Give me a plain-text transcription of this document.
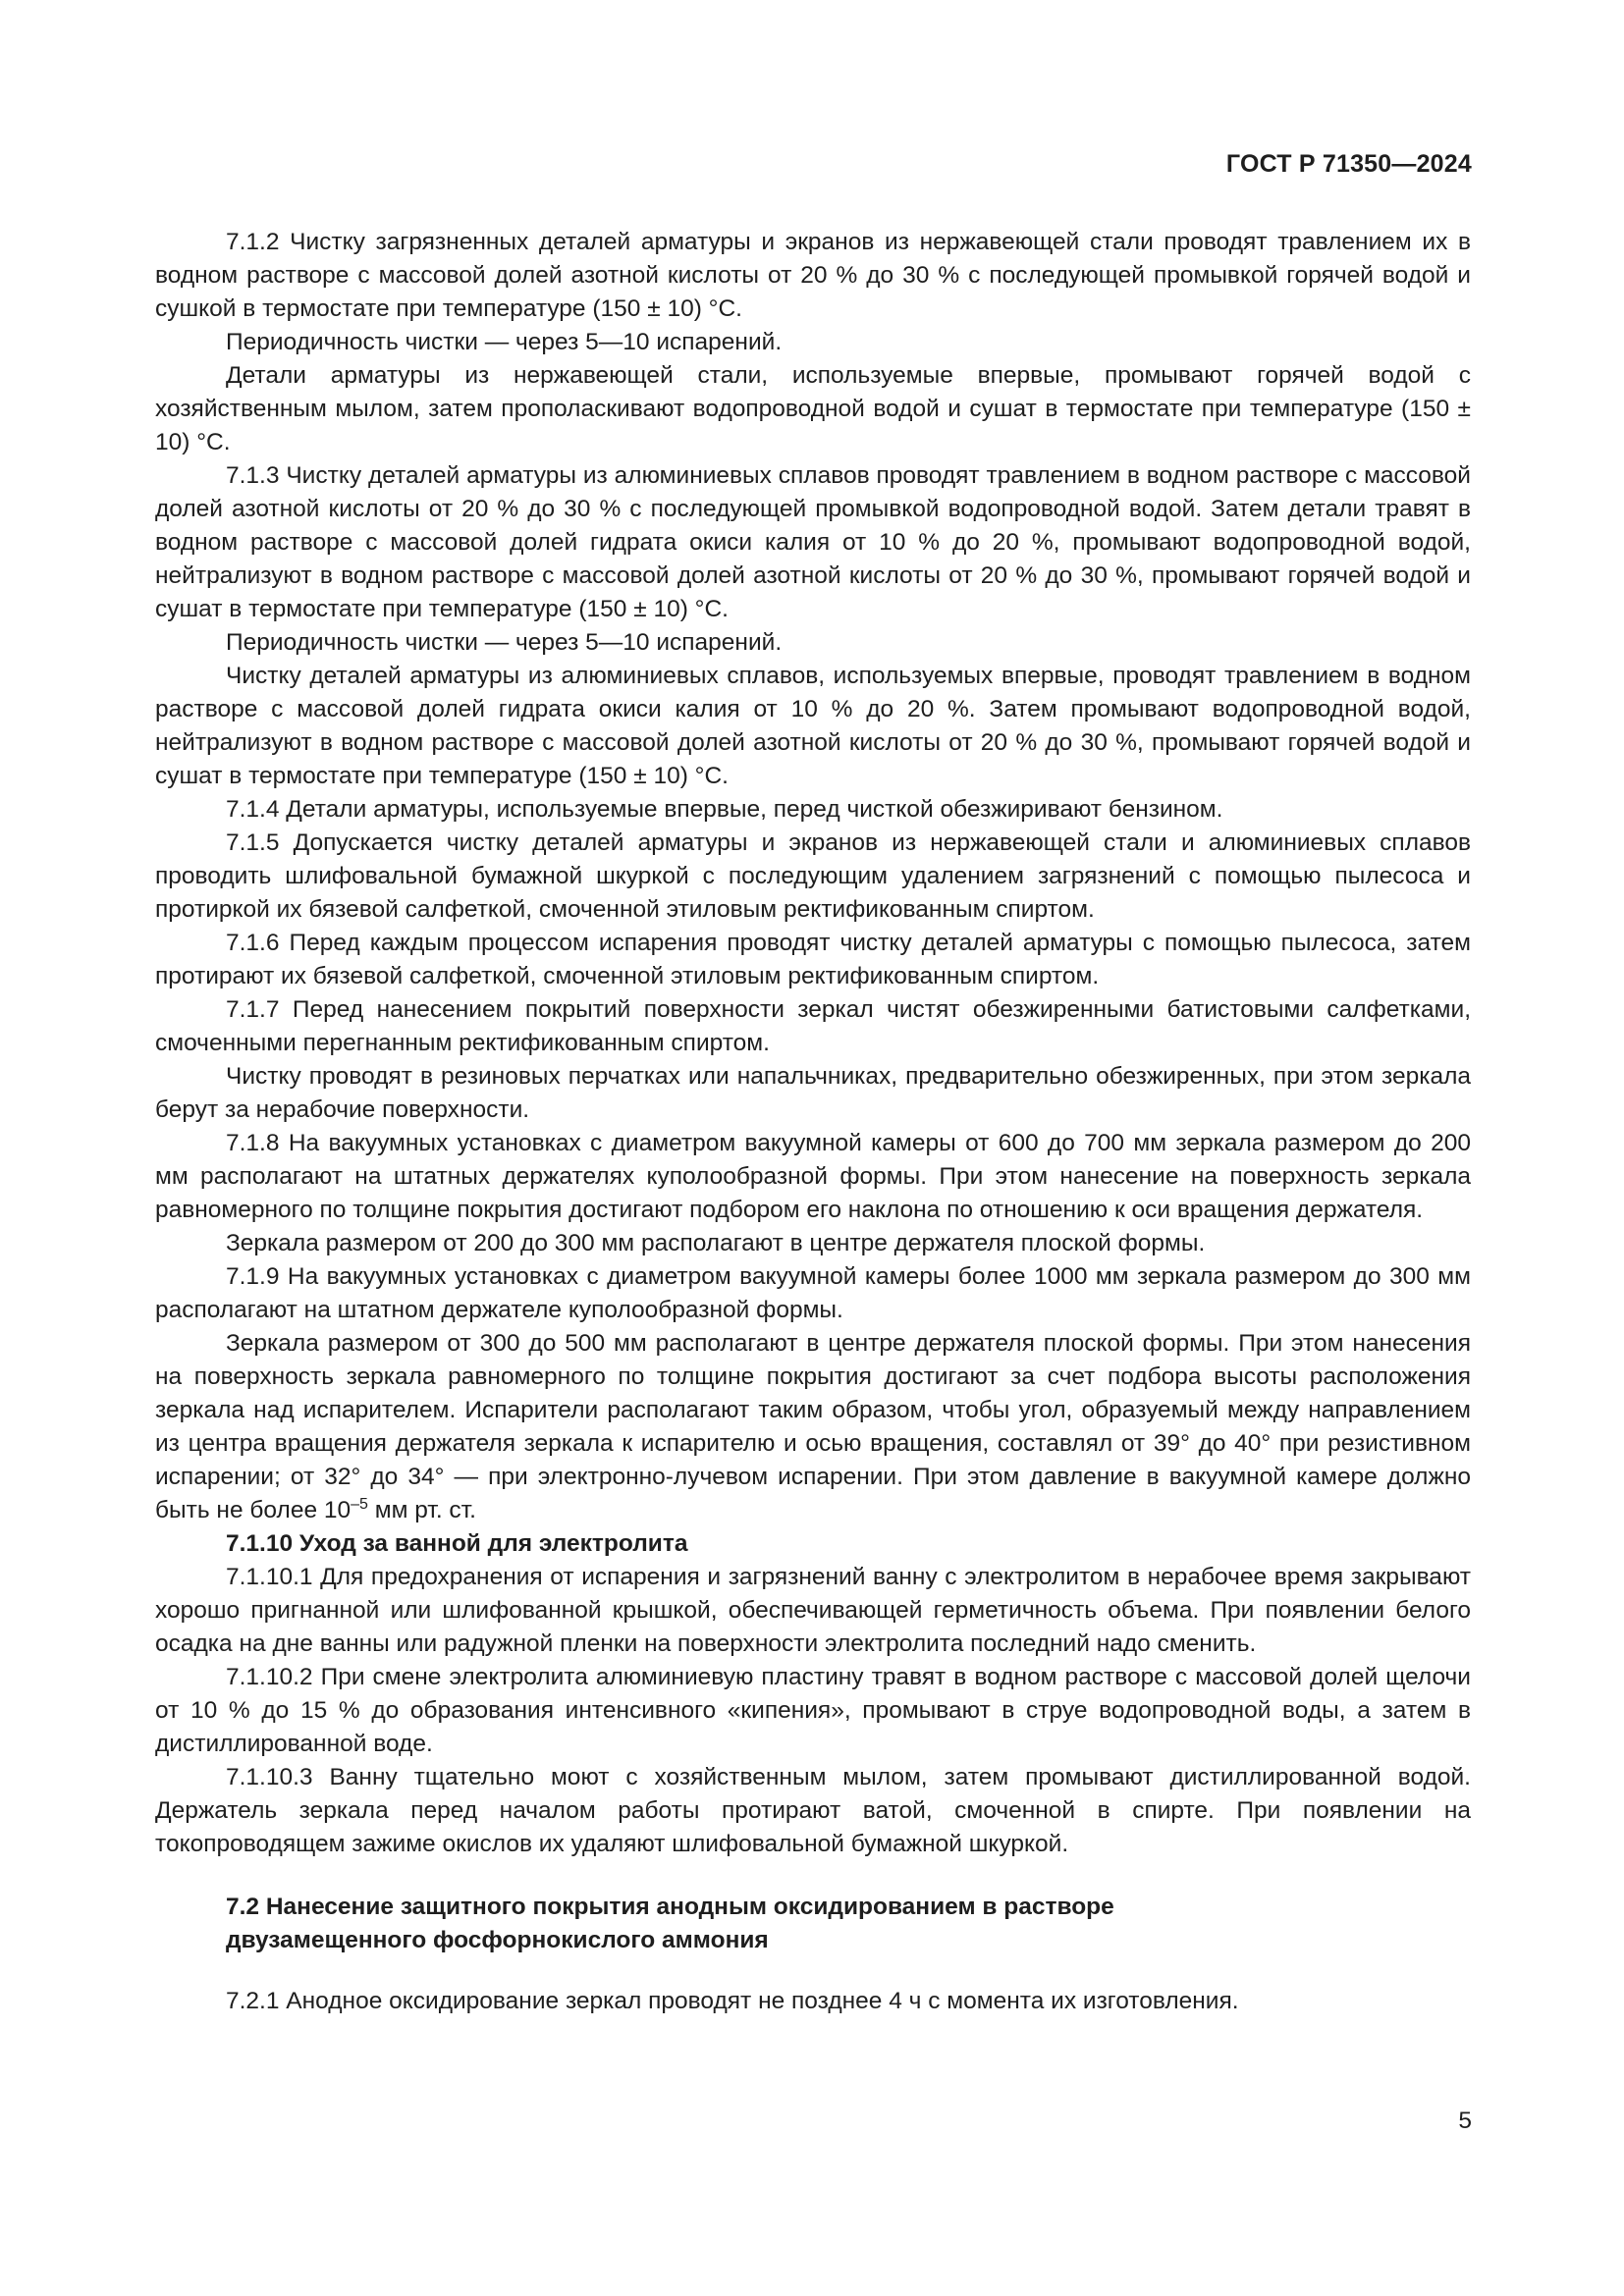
ГОСТ Р 71350—2024

7.1.2 Чистку загрязненных деталей арматуры и экранов из нержавеющей стали проводят травлением их в водном растворе с массовой долей азотной кислоты от 20 % до 30 % с последующей промывкой горячей водой и сушкой в термостате при температуре (150 ± 10) °С.

Периодичность чистки — через 5—10 испарений.

Детали арматуры из нержавеющей стали, используемые впервые, промывают горячей водой с хозяйственным мылом, затем прополаскивают водопроводной водой и сушат в термостате при температуре (150 ± 10) °С.

7.1.3 Чистку деталей арматуры из алюминиевых сплавов проводят травлением в водном растворе с массовой долей азотной кислоты от 20 % до 30 % с последующей промывкой водопроводной водой. Затем детали травят в водном растворе с массовой долей гидрата окиси калия от 10 % до 20 %, промывают водопроводной водой, нейтрализуют в водном растворе с массовой долей азотной кислоты от 20 % до 30 %, промывают горячей водой и сушат в термостате при температуре (150 ± 10) °С.

Периодичность чистки — через 5—10 испарений.

Чистку деталей арматуры из алюминиевых сплавов, используемых впервые, проводят травлением в водном растворе с массовой долей гидрата окиси калия от 10 % до 20 %. Затем промывают водопроводной водой, нейтрализуют в водном растворе с массовой долей азотной кислоты от 20 % до 30 %, промывают горячей водой и сушат в термостате при температуре (150 ± 10) °С.

7.1.4 Детали арматуры, используемые впервые, перед чисткой обезжиривают бензином.

7.1.5 Допускается чистку деталей арматуры и экранов из нержавеющей стали и алюминиевых сплавов проводить шлифовальной бумажной шкуркой с последующим удалением загрязнений с помощью пылесоса и протиркой их бязевой салфеткой, смоченной этиловым ректификованным спиртом.

7.1.6 Перед каждым процессом испарения проводят чистку деталей арматуры с помощью пылесоса, затем протирают их бязевой салфеткой, смоченной этиловым ректификованным спиртом.

7.1.7 Перед нанесением покрытий поверхности зеркал чистят обезжиренными батистовыми салфетками, смоченными перегнанным ректификованным спиртом.

Чистку проводят в резиновых перчатках или напальчниках, предварительно обезжиренных, при этом зеркала берут за нерабочие поверхности.

7.1.8 На вакуумных установках с диаметром вакуумной камеры от 600 до 700 мм зеркала размером до 200 мм располагают на штатных держателях куполообразной формы. При этом нанесение на поверхность зеркала равномерного по толщине покрытия достигают подбором его наклона по отношению к оси вращения держателя.

Зеркала размером от 200 до 300 мм располагают в центре держателя плоской формы.

7.1.9 На вакуумных установках с диаметром вакуумной камеры более 1000 мм зеркала размером до 300 мм располагают на штатном держателе куполообразной формы.

Зеркала размером от 300 до 500 мм располагают в центре держателя плоской формы. При этом нанесения на поверхность зеркала равномерного по толщине покрытия достигают за счет подбора высоты расположения зеркала над испарителем. Испарители располагают таким образом, чтобы угол, образуемый между направлением из центра вращения держателя зеркала к испарителю и осью вращения, составлял от 39° до 40° при резистивном испарении; от 32° до 34° — при электронно-лучевом испарении. При этом давление в вакуумной камере должно быть не более $10^{-5}$ мм рт. ст.

7.1.10 Уход за ванной для электролита

7.1.10.1 Для предохранения от испарения и загрязнений ванну с электролитом в нерабочее время закрывают хорошо пригнанной или шлифованной крышкой, обеспечивающей герметичность объема. При появлении белого осадка на дне ванны или радужной пленки на поверхности электролита последний надо сменить.

7.1.10.2 При смене электролита алюминиевую пластину травят в водном растворе с массовой долей щелочи от 10 % до 15 % до образования интенсивного «кипения», промывают в струе водопроводной воды, а затем в дистиллированной воде.

7.1.10.3 Ванну тщательно моют с хозяйственным мылом, затем промывают дистиллированной водой. Держатель зеркала перед началом работы протирают ватой, смоченной в спирте. При появлении на токопроводящем зажиме окислов их удаляют шлифовальной бумажной шкуркой.

7.2 Нанесение защитного покрытия анодным оксидированием в растворе
двузамещенного фосфорнокислого аммония

7.2.1 Анодное оксидирование зеркал проводят не позднее 4 ч с момента их изготовления.

5
